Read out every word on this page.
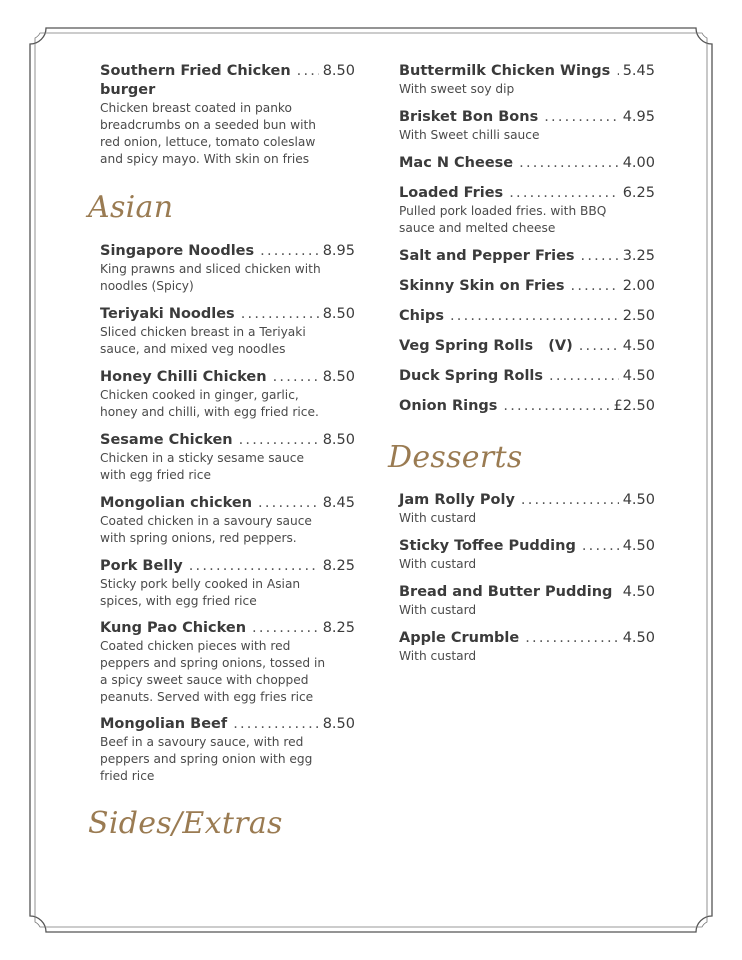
Asian
Sides/Extras
Desserts
Southern Fried Chicken ..... 8.50
burger
Chicken breast coated in panko breadcrumbs on a seeded bun with red onion, lettuce, tomato coleslaw and spicy mayo. With skin on fries
Singapore Noodles .....	8.95
King prawns and sliced chicken with noodles (Spicy)
Teriyaki Noodles .....	8.50
Sliced chicken breast in a Teriyaki sauce, and mixed veg noodles
Honey Chilli Chicken .....	8.50
Chicken cooked in ginger, garlic, honey and chilli, with egg fried rice.
Sesame Chicken .....	8.50
Chicken in a sticky sesame sauce with egg fried rice
Mongolian chicken .....	8.45
Coated chicken in a savoury sauce with spring onions, red peppers.
Pork Belly .....	8.25
Sticky pork belly cooked in Asian spices, with egg fried rice
Kung Pao Chicken .....	8.25
Coated chicken pieces with red peppers and spring onions, tossed in a spicy sweet sauce with chopped peanuts. Served with egg fries rice
Mongolian Beef .....	8.50
Beef in a savoury sauce, with red peppers and spring onion with egg fried rice
Buttermilk Chicken Wings ..... 5.45
With sweet soy dip
Brisket Bon Bons .....	4.95
With Sweet chilli sauce
Mac N Cheese .....	4.00
Loaded Fries .....	6.25
Pulled pork loaded fries. with BBQ sauce and melted cheese
Salt and Pepper Fries .....	3.25
Skinny Skin on Fries .....	2.00
Chips .....	2.50
Veg Spring Rolls   (V) .....	4.50
Duck Spring Rolls .....	4.50
Onion Rings .....	£2.50
Jam Rolly Poly .....	4.50
With custard
Sticky Toffee Pudding .....	4.50
With custard
Bread and Butter Pudding ..... 4.50
With custard
Apple Crumble .....	4.50
With custard
